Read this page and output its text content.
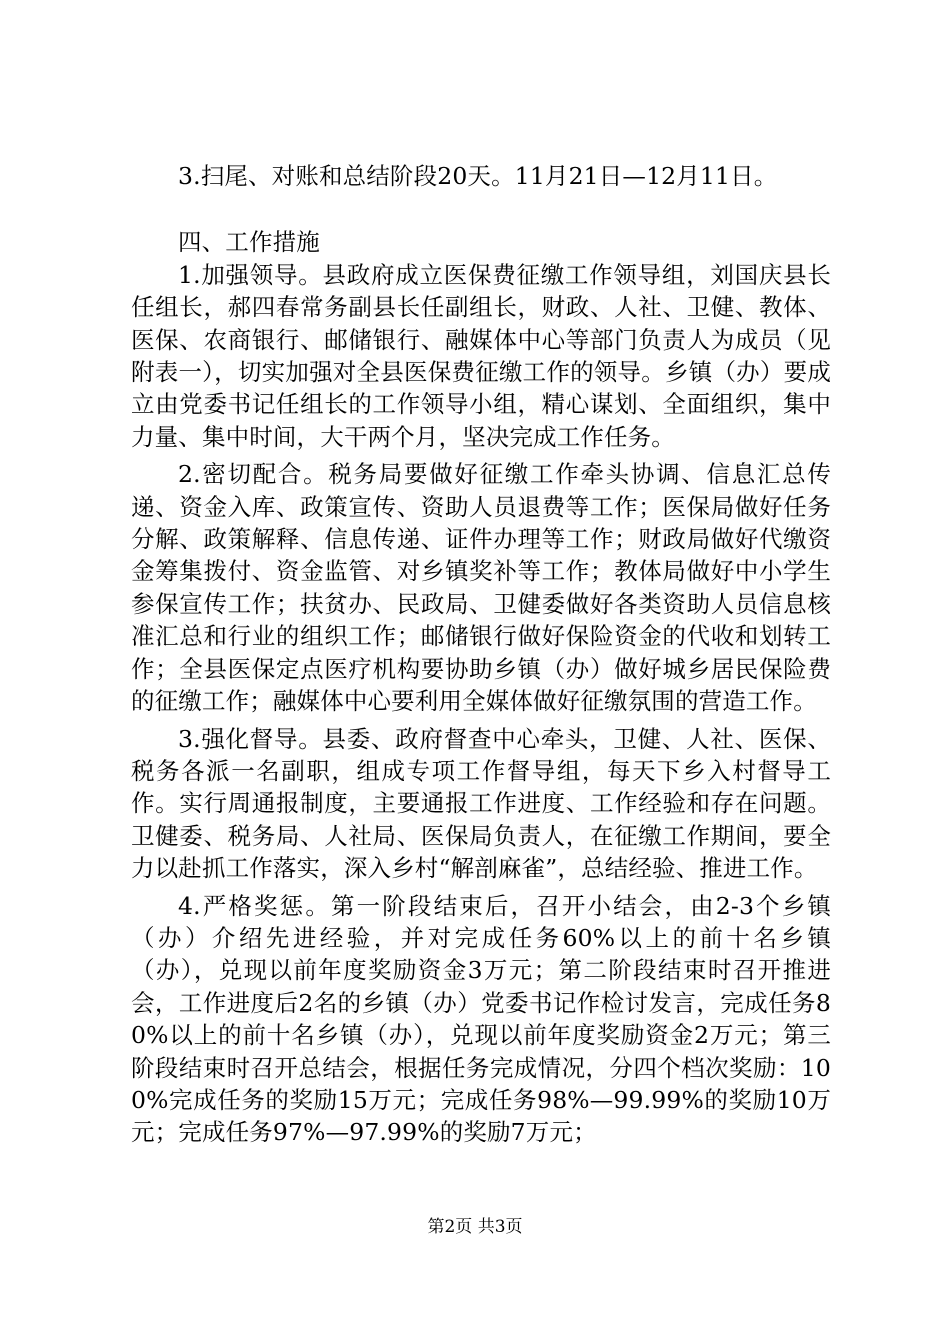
3.扫尾、对账和总结阶段20天。11月21日—12月11日。

四、工作措施

1.加强领导。县政府成立医保费征缴工作领导组，刘国庆县长任组长，郝四春常务副县长任副组长，财政、人社、卫健、教体、医保、农商银行、邮储银行、融媒体中心等部门负责人为成员（见附表一），切实加强对全县医保费征缴工作的领导。乡镇（办）要成立由党委书记任组长的工作领导小组，精心谋划、全面组织，集中力量、集中时间，大干两个月，坚决完成工作任务。

2.密切配合。税务局要做好征缴工作牵头协调、信息汇总传递、资金入库、政策宣传、资助人员退费等工作；医保局做好任务分解、政策解释、信息传递、证件办理等工作；财政局做好代缴资金筹集拨付、资金监管、对乡镇奖补等工作；教体局做好中小学生参保宣传工作；扶贫办、民政局、卫健委做好各类资助人员信息核准汇总和行业的组织工作；邮储银行做好保险资金的代收和划转工作；全县医保定点医疗机构要协助乡镇（办）做好城乡居民保险费的征缴工作；融媒体中心要利用全媒体做好征缴氛围的营造工作。

3.强化督导。县委、政府督查中心牵头，卫健、人社、医保、税务各派一名副职，组成专项工作督导组，每天下乡入村督导工作。实行周通报制度，主要通报工作进度、工作经验和存在问题。卫健委、税务局、人社局、医保局负责人，在征缴工作期间，要全力以赴抓工作落实，深入乡村“解剖麻雀”，总结经验、推进工作。

4.严格奖惩。第一阶段结束后，召开小结会，由2-3个乡镇（办）介绍先进经验，并对完成任务60%以上的前十名乡镇（办），兑现以前年度奖励资金3万元；第二阶段结束时召开推进会，工作进度后2名的乡镇（办）党委书记作检讨发言，完成任务80%以上的前十名乡镇（办），兑现以前年度奖励资金2万元；第三阶段结束时召开总结会，根据任务完成情况，分四个档次奖励：100%完成任务的奖励15万元；完成任务98%—99.99%的奖励10万元；完成任务97%—97.99%的奖励7万元；

第2页 共3页
